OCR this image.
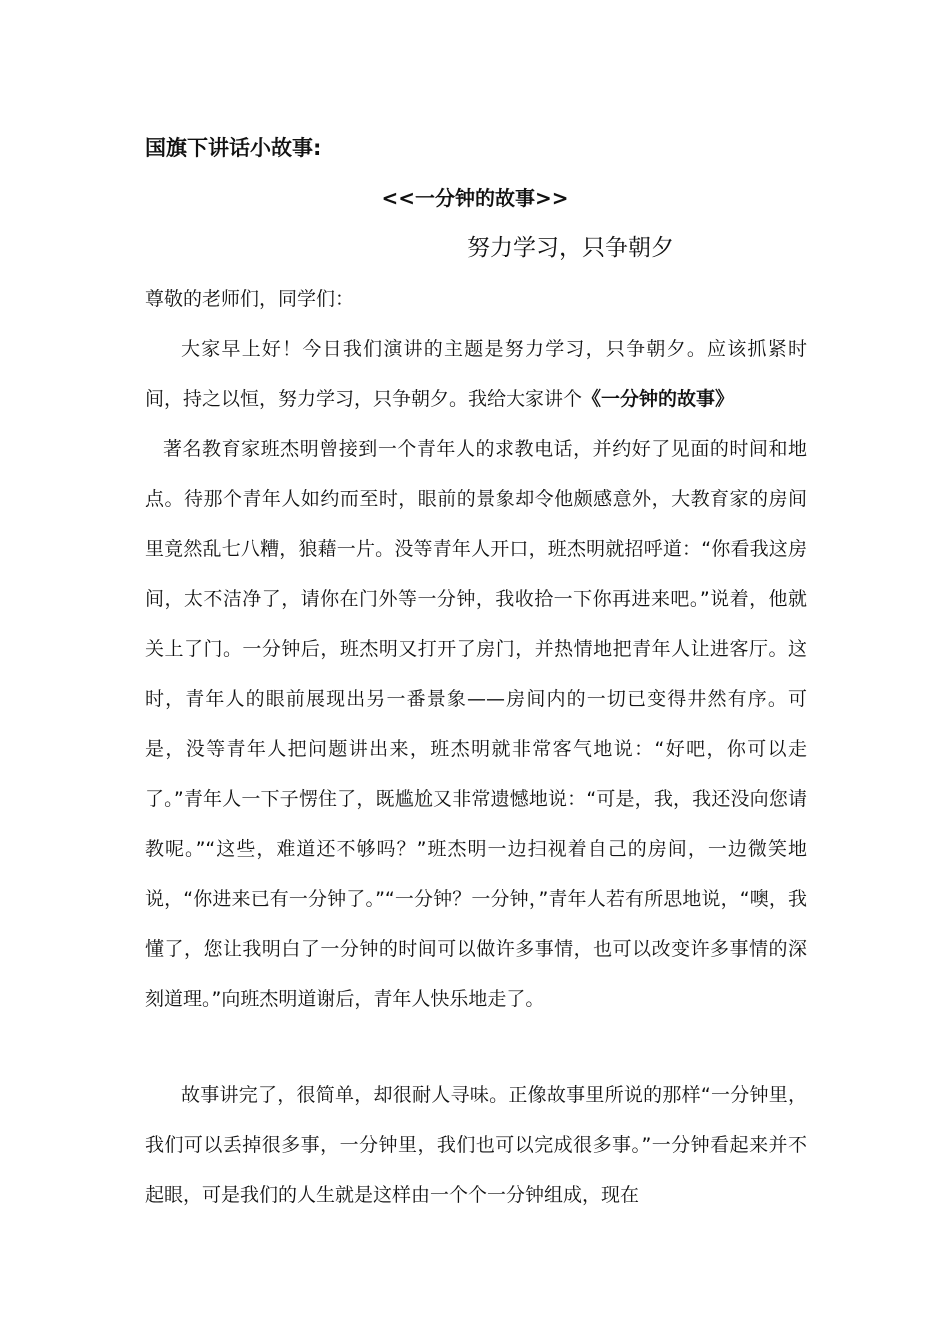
国旗下讲话小故事:
<<一分钟的故事>>
努力学习，只争朝夕
尊敬的老师们，同学们：
大家早上好！今日我们演讲的主题是努力学习，只争朝夕。应该抓紧时间，持之以恒，努力学习，只争朝夕。我给大家讲个《一分钟的故事》
著名教育家班杰明曾接到一个青年人的求教电话，并约好了见面的时间和地点。待那个青年人如约而至时，眼前的景象却令他颇感意外，大教育家的房间里竟然乱七八糟，狼藉一片。没等青年人开口，班杰明就招呼道：“你看我这房间，太不洁净了，请你在门外等一分钟，我收拾一下你再进来吧。”说着，他就关上了门。一分钟后，班杰明又打开了房门，并热情地把青年人让进客厅。这时，青年人的眼前展现出另一番景象——房间内的一切已变得井然有序。可是，没等青年人把问题讲出来，班杰明就非常客气地说：“好吧，你可以走了。”青年人一下子愣住了，既尴尬又非常遗憾地说：“可是，我，我还没向您请教呢。”“这些，难道还不够吗？”班杰明一边扫视着自己的房间，一边微笑地说，“你进来已有一分钟了。”“一分钟？一分钟，”青年人若有所思地说，“噢，我懂了，您让我明白了一分钟的时间可以做许多事情，也可以改变许多事情的深刻道理。”向班杰明道谢后，青年人快乐地走了。
故事讲完了，很简单，却很耐人寻味。正像故事里所说的那样“一分钟里，我们可以丢掉很多事，一分钟里，我们也可以完成很多事。”一分钟看起来并不起眼，可是我们的人生就是这样由一个个一分钟组成，现在
